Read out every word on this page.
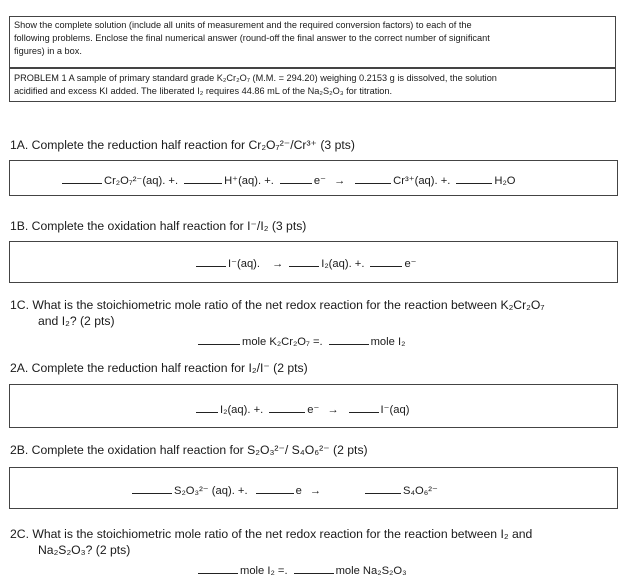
Show the complete solution (include all units of measurement and the required conversion factors) to each of the
following problems. Enclose the final numerical answer (round-off the final answer to the correct number of significant
figures) in a box.
PROBLEM 1 A sample of primary standard grade K₂Cr₂O₇ (M.M. = 294.20) weighing 0.2153 g is dissolved, the solution
acidified and excess KI added. The liberated I₂ requires 44.86 mL of the Na₂S₂O₃ for titration.
1A. Complete the reduction half reaction for Cr₂O₇²⁻/Cr³⁺ (3 pts)
Cr₂O₇²⁻(aq). +.	H⁺(aq). +.	e⁻ →	Cr³⁺(aq). +.	H₂O
1B. Complete the oxidation half reaction for I⁻/I₂ (3 pts)
I⁻(aq). →	I₂(aq). +.	e⁻
1C. What is the stoichiometric mole ratio of the net redox reaction for the reaction between K₂Cr₂O₇
and I₂? (2 pts)
mole K₂Cr₂O₇ =.	mole I₂
2A. Complete the reduction half reaction for I₂/I⁻ (2 pts)
I₂(aq). +.	e⁻ →	I⁻(aq)
2B. Complete the oxidation half reaction for S₂O₃²⁻/ S₄O₆²⁻ (2 pts)
S₂O₃²⁻ (aq). +.	e →	S₄O₆²⁻
2C. What is the stoichiometric mole ratio of the net redox reaction for the reaction between I₂ and
Na₂S₂O₃? (2 pts)
mole I₂ =.	mole Na₂S₂O₃
